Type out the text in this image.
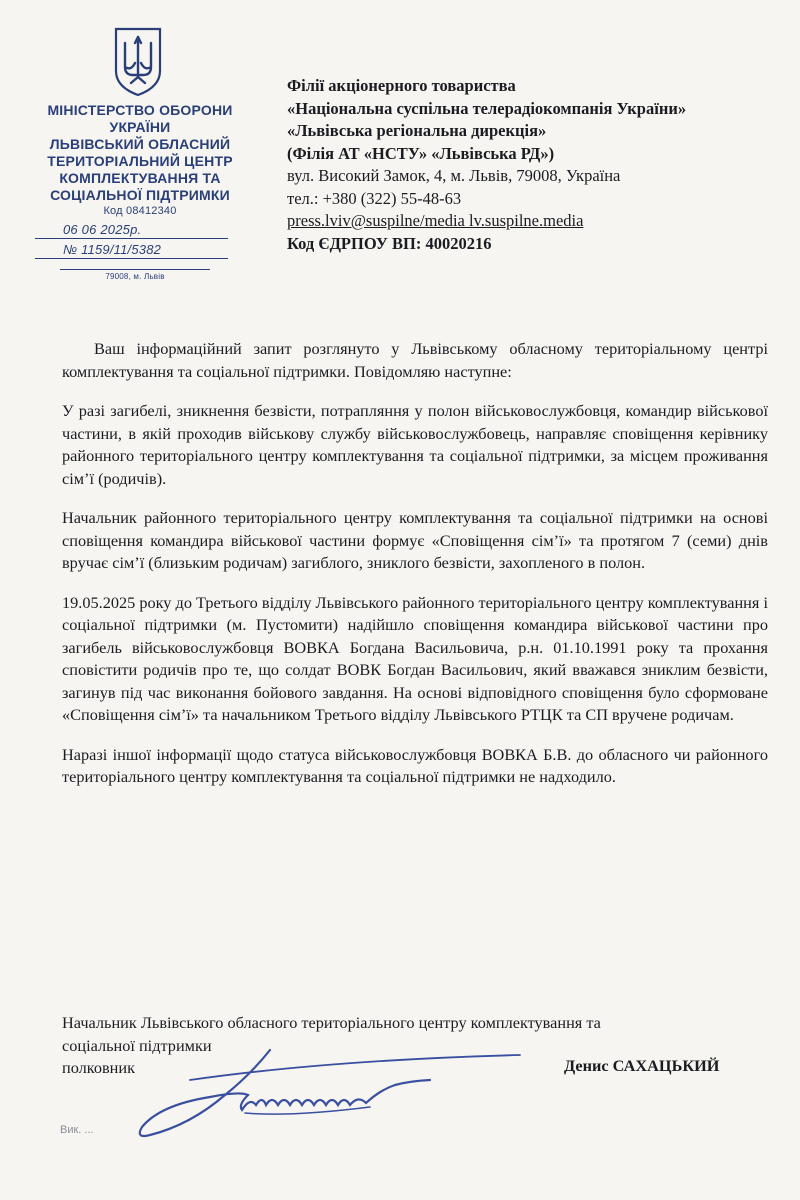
МІНІСТЕРСТВО ОБОРОНИ
УКРАЇНИ
ЛЬВІВСЬКИЙ ОБЛАСНИЙ
ТЕРИТОРІАЛЬНИЙ ЦЕНТР
КОМПЛЕКТУВАННЯ ТА
СОЦІАЛЬНОЇ ПІДТРИМКИ
Код 08412340
06 06 2025р.
№ 1159/11/5382
79008, м. Львів
Філії акціонерного товариства
«Національна суспільна телерадіокомпанія України»
«Львівська регіональна дирекція»
(Філія АТ «НСТУ» «Львівська РД»)
вул. Високий Замок, 4, м. Львів, 79008, Україна
тел.: +380 (322) 55-48-63
press.lviv@suspilne/media lv.suspilne.media
Код ЄДРПОУ ВП: 40020216

Ваш інформаційний запит розглянуто у Львівському обласному територіальному центрі комплектування та соціальної підтримки. Повідомляю наступне:

У разі загибелі, зникнення безвісти, потрапляння у полон військовослужбовця, командир військової частини, в якій проходив військову службу військовослужбовець, направляє сповіщення керівнику районного територіального центру комплектування та соціальної підтримки, за місцем проживання сім’ї (родичів).

Начальник районного територіального центру комплектування та соціальної підтримки на основі сповіщення командира військової частини формує «Сповіщення сім’ї» та протягом 7 (семи) днів вручає сім’ї (близьким родичам) загиблого, зниклого безвісти, захопленого в полон.

19.05.2025 року до Третього відділу Львівського районного територіального центру комплектування і соціальної підтримки (м. Пустомити) надійшло сповіщення командира військової частини про загибель військовослужбовця ВОВКА Богдана Васильовича, р.н. 01.10.1991 року та прохання сповістити родичів про те, що солдат ВОВК Богдан Васильович, який вважався зниклим безвісти, загинув під час виконання бойового завдання. На основі відповідного сповіщення було сформоване «Сповіщення сім’ї» та начальником Третього відділу Львівського РТЦК та СП вручене родичам.

Наразі іншої інформації щодо статуса військовослужбовця ВОВКА Б.В. до обласного чи районного територіального центру комплектування та соціальної підтримки не надходило.

Начальник Львівського обласного територіального центру комплектування та
соціальної підтримки
полковник	Денис САХАЦЬКИЙ
Вик. ...
